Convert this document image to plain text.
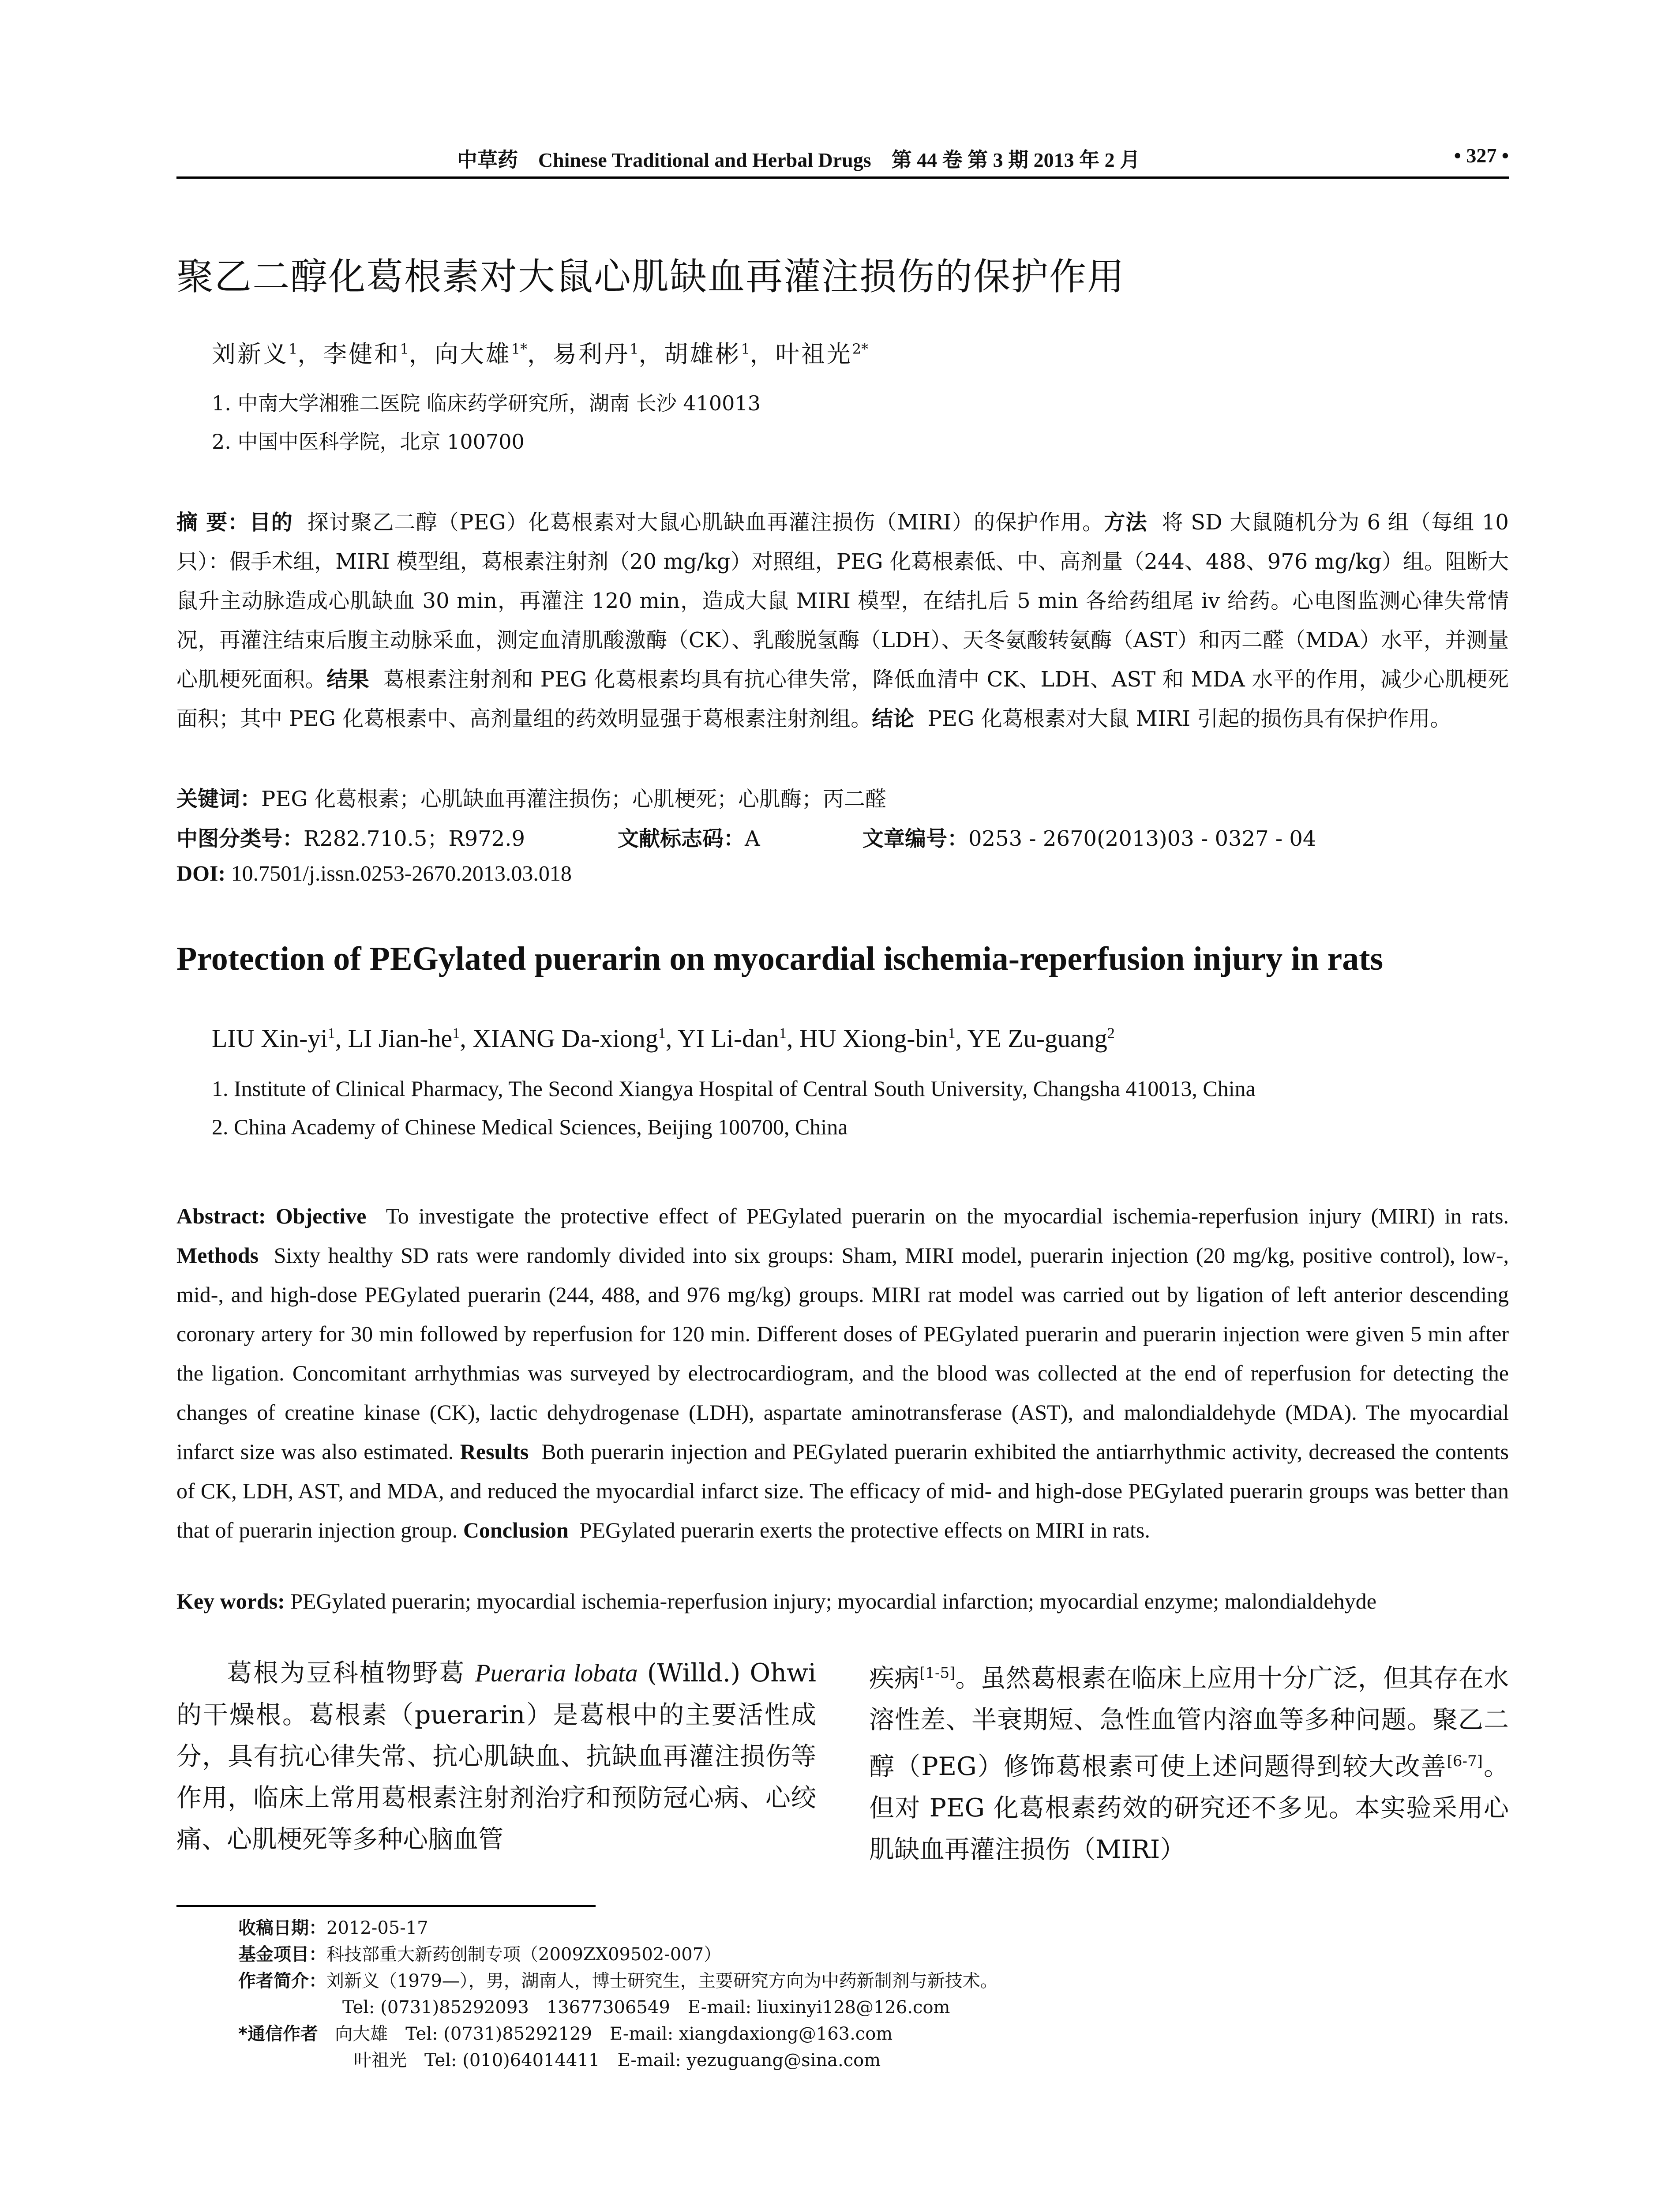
中草药 Chinese Traditional and Herbal Drugs 第 44 卷 第 3 期 2013 年 2 月	• 327 •
聚乙二醇化葛根素对大鼠心肌缺血再灌注损伤的保护作用
刘新义$^1$，李健和$^1$，向大雄$^{1*}$，易利丹$^1$，胡雄彬$^1$，叶祖光$^{2*}$
1. 中南大学湘雅二医院 临床药学研究所，湖南 长沙 410013
2. 中国中医科学院，北京 100700
摘 要：目的 探讨聚乙二醇（PEG）化葛根素对大鼠心肌缺血再灌注损伤（MIRI）的保护作用。方法 将 SD 大鼠随机分为 6 组（每组 10 只）：假手术组，MIRI 模型组，葛根素注射剂（20 mg/kg）对照组，PEG 化葛根素低、中、高剂量（244、488、976 mg/kg）组。阻断大鼠升主动脉造成心肌缺血 30 min，再灌注 120 min，造成大鼠 MIRI 模型，在结扎后 5 min 各给药组尾 iv 给药。心电图监测心律失常情况，再灌注结束后腹主动脉采血，测定血清肌酸激酶（CK）、乳酸脱氢酶（LDH）、天冬氨酸转氨酶（AST）和丙二醛（MDA）水平，并测量心肌梗死面积。结果 葛根素注射剂和 PEG 化葛根素均具有抗心律失常，降低血清中 CK、LDH、AST 和 MDA 水平的作用，减少心肌梗死面积；其中 PEG 化葛根素中、高剂量组的药效明显强于葛根素注射剂组。结论 PEG 化葛根素对大鼠 MIRI 引起的损伤具有保护作用。
关键词：PEG 化葛根素；心肌缺血再灌注损伤；心肌梗死；心肌酶；丙二醛
中图分类号：R282.710.5；R972.9	文献标志码：A	文章编号：0253 - 2670(2013)03 - 0327 - 04
DOI: 10.7501/j.issn.0253-2670.2013.03.018
Protection of PEGylated puerarin on myocardial ischemia-reperfusion injury in rats
LIU Xin-$yi^1$, LI Jian-$he^1$, XIANG Da-xiong$^1$, YI Li-dan$^1$, HU Xiong-bin$^1$, YE Zu-guang$^2$
1. Institute of Clinical Pharmacy, The Second Xiangya Hospital of Central South University, Changsha 410013, China
2. China Academy of Chinese Medical Sciences, Beijing 100700, China
Abstract: Objective To investigate the protective effect of PEGylated puerarin on the myocardial ischemia-reperfusion injury (MIRI) in rats. Methods Sixty healthy SD rats were randomly divided into six groups: Sham, MIRI model, puerarin injection (20 mg/kg, positive control), low-, mid-, and high-dose PEGylated puerarin (244, 488, and 976 mg/kg) groups. MIRI rat model was carried out by ligation of left anterior descending coronary artery for 30 min followed by reperfusion for 120 min. Different doses of PEGylated puerarin and puerarin injection were given 5 min after the ligation. Concomitant arrhythmias was surveyed by electrocardiogram, and the blood was collected at the end of reperfusion for detecting the changes of creatine kinase (CK), lactic dehydrogenase (LDH), aspartate aminotransferase (AST), and malondialdehyde (MDA). The myocardial infarct size was also estimated. Results Both puerarin injection and PEGylated puerarin exhibited the antiarrhythmic activity, decreased the contents of CK, LDH, AST, and MDA, and reduced the myocardial infarct size. The efficacy of mid- and high-dose PEGylated puerarin groups was better than that of puerarin injection group. Conclusion PEGylated puerarin exerts the protective effects on MIRI in rats.
Key words: PEGylated puerarin; myocardial ischemia-reperfusion injury; myocardial infarction; myocardial enzyme; malondialdehyde
葛根为豆科植物野葛 Pueraria lobata (Willd.) Ohwi 的干燥根。葛根素（puerarin）是葛根中的主要活性成分，具有抗心律失常、抗心肌缺血、抗缺血再灌注损伤等作用，临床上常用葛根素注射剂治疗和预防冠心病、心绞痛、心肌梗死等多种心脑血管
疾病[1-5]。虽然葛根素在临床上应用十分广泛，但其存在水溶性差、半衰期短、急性血管内溶血等多种问题。聚乙二醇（PEG）修饰葛根素可使上述问题得到较大改善[6-7]。但对 PEG 化葛根素药效的研究还不多见。本实验采用心肌缺血再灌注损伤（MIRI）
收稿日期：2012-05-17
基金项目：科技部重大新药创制专项（2009ZX09502-007）
作者简介：刘新义（1979—），男，湖南人，博士研究生，主要研究方向为中药新制剂与新技术。
Tel: (0731)85292093　13677306549　E-mail: liuxinyi128@126.com
*通信作者 向大雄　Tel: (0731)85292129　E-mail: xiangdaxiong@163.com
叶祖光　Tel: (010)64014411　E-mail: yezuguang@sina.com
